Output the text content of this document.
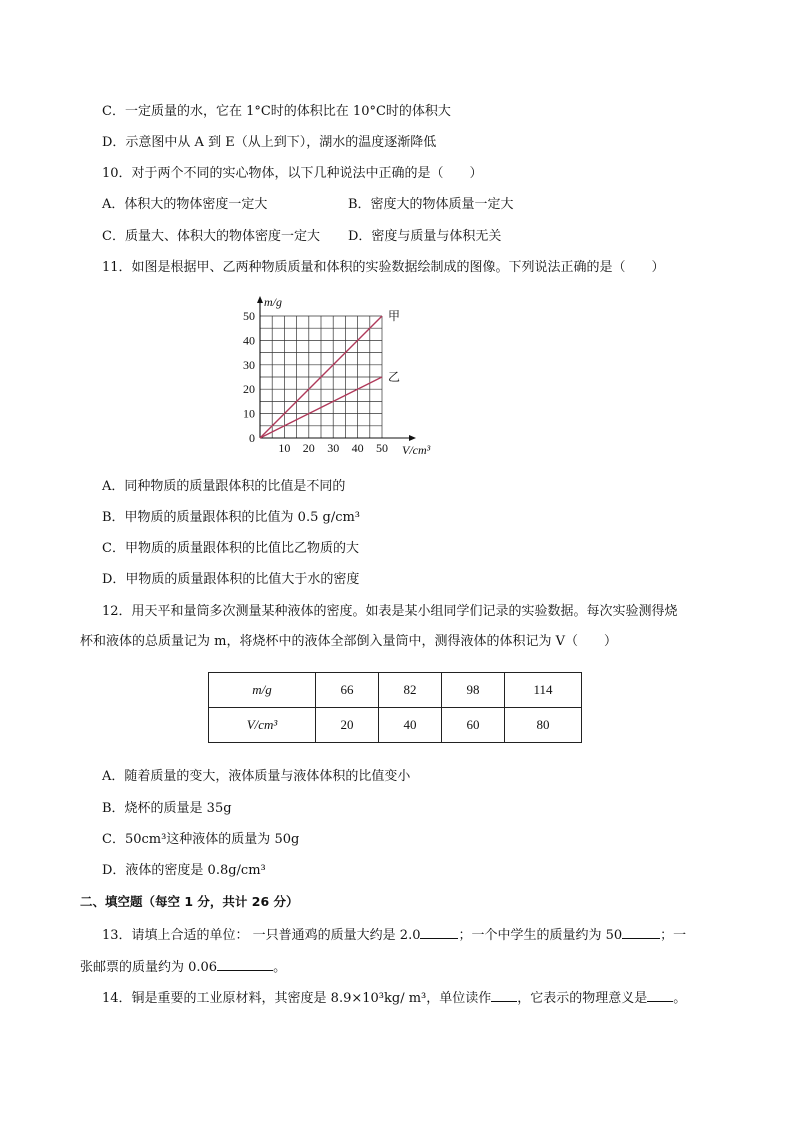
C．一定质量的水，它在 1°C时的体积比在 10°C时的体积大
D．示意图中从 A 到 E（从上到下），湖水的温度逐渐降低
10．对于两个不同的实心物体，以下几种说法中正确的是（　　）
A．体积大的物体密度一定大	B．密度大的物体质量一定大
C．质量大、体积大的物体密度一定大 D．密度与质量与体积无关
11．如图是根据甲、乙两种物质质量和体积的实验数据绘制成的图像。下列说法正确的是（　　）
甲
乙
10 20 30 40 50
10
20
30
40
50
0
m/g
V/cm³
A．同种物质的质量跟体积的比值是不同的
B．甲物质的质量跟体积的比值为 0.5 g/cm³
C．甲物质的质量跟体积的比值比乙物质的大
D．甲物质的质量跟体积的比值大于水的密度
12．用天平和量筒多次测量某种液体的密度。如表是某小组同学们记录的实验数据。每次实验测得烧
杯和液体的总质量记为 m，将烧杯中的液体全部倒入量筒中，测得液体的体积记为 V（　　）
m/g	66	82	98	114
V/cm³	20	40	60	80
A．随着质量的变大，液体质量与液体体积的比值变小
B．烧杯的质量是 35g
C．50cm³这种液体的质量为 50g
D．液体的密度是 0.8g/cm³
二、填空题（每空 1 分，共计 26 分）
13．请填上合适的单位： 一只普通鸡的质量大约是 2.0	；一个中学生的质量约为 50	；一
张邮票的质量约为 0.06	。
14．铜是重要的工业原材料，其密度是 8.9×10³kg/ m³，单位读作 ，它表示的物理意义是 。
